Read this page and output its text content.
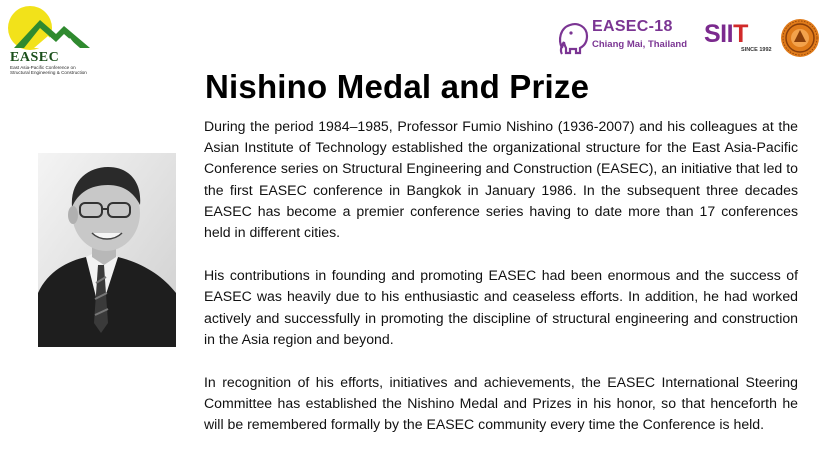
EASEC
East Asia-Pacific Conference on
Structural Engineering & Construction
EASEC-18
Chiang Mai, Thailand SIIT
SINCE 1992
Nishino Medal and Prize

During the period 1984–1985, Professor Fumio Nishino (1936-2007) and his colleagues at the Asian Institute of Technology established the organizational structure for the East Asia-Pacific Conference series on Structural Engineering and Construction (EASEC), an initiative that led to the first EASEC conference in Bangkok in January 1986. In the subsequent three decades EASEC has become a premier conference series having to date more than 17 conferences held in different cities.

His contributions in founding and promoting EASEC had been enormous and the success of EASEC was heavily due to his enthusiastic and ceaseless efforts. In addition, he had worked actively and successfully in promoting the discipline of structural engineering and construction in the Asia region and beyond.

In recognition of his efforts, initiatives and achievements, the EASEC International Steering Committee has established the Nishino Medal and Prizes in his honor, so that henceforth he will be remembered formally by the EASEC community every time the Conference is held.
